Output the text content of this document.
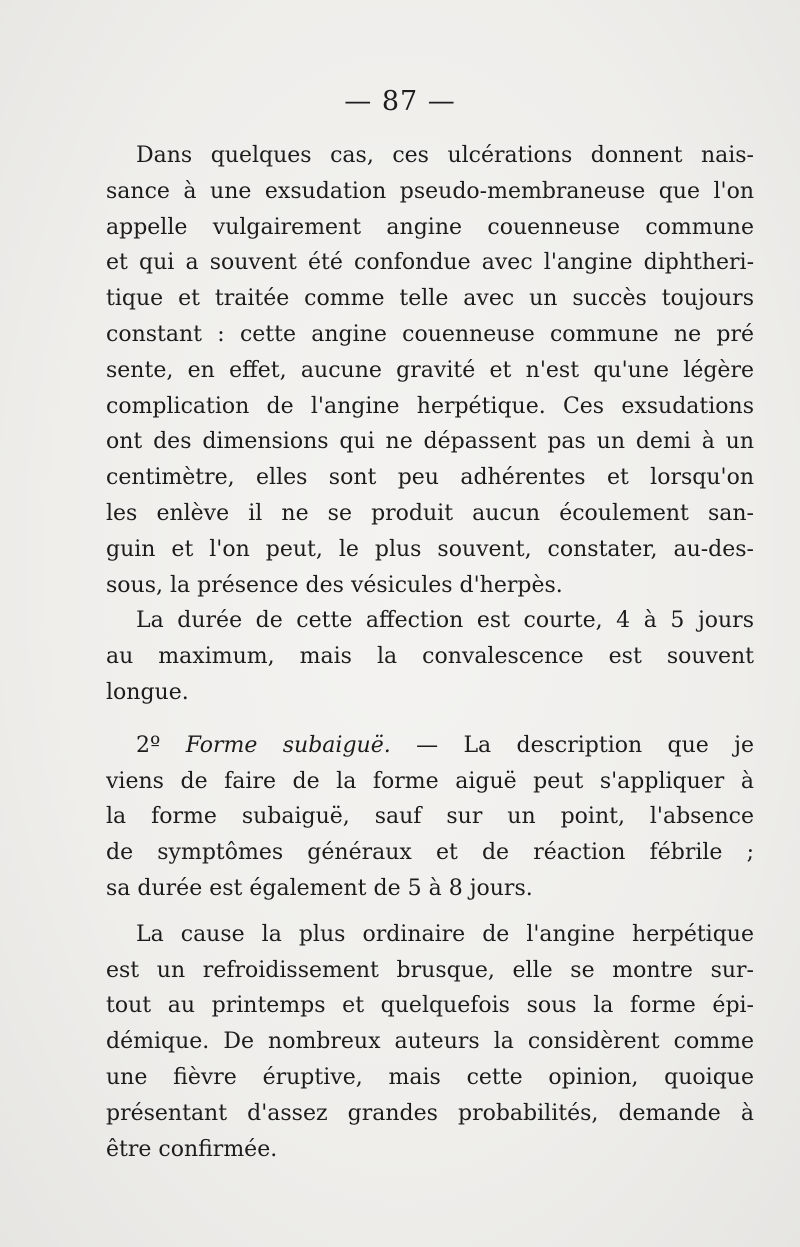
— 87 —
Dans quelques cas, ces ulcérations donnent nais-
sance à une exsudation pseudo-membraneuse que l'on
appelle vulgairement angine couenneuse commune
et qui a souvent été confondue avec l'angine diphtheri-
tique et traitée comme telle avec un succès toujours
constant : cette angine couenneuse commune ne pré
sente, en effet, aucune gravité et n'est qu'une légère
complication de l'angine herpétique. Ces exsudations
ont des dimensions qui ne dépassent pas un demi à un
centimètre, elles sont peu adhérentes et lorsqu'on
les enlève il ne se produit aucun écoulement san-
guin et l'on peut, le plus souvent, constater, au-des-
sous, la présence des vésicules d'herpès.
La durée de cette affection est courte, 4 à 5 jours
au maximum, mais la convalescence est souvent
longue.
2º Forme subaiguë. — La description que je
viens de faire de la forme aiguë peut s'appliquer à
la forme subaiguë, sauf sur un point, l'absence
de symptômes généraux et de réaction fébrile ;
sa durée est également de 5 à 8 jours.
La cause la plus ordinaire de l'angine herpétique
est un refroidissement brusque, elle se montre sur-
tout au printemps et quelquefois sous la forme épi-
démique. De nombreux auteurs la considèrent comme
une fièvre éruptive, mais cette opinion, quoique
présentant d'assez grandes probabilités, demande à
être confirmée.
